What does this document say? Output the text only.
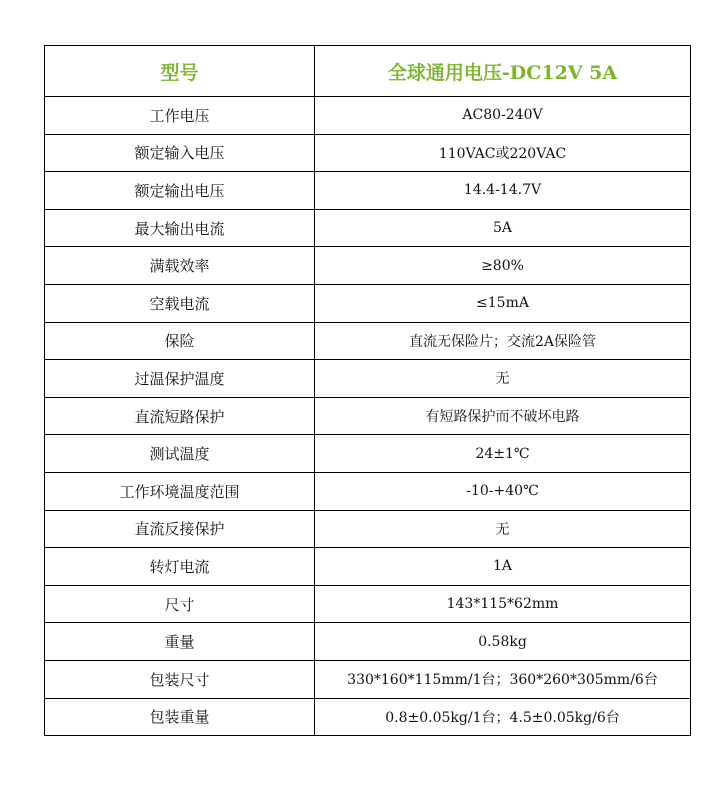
型号	全球通用电压-DC12V 5A
工作电压	AC80-240V
额定输入电压	110VAC或220VAC
额定输出电压	14.4-14.7V
最大输出电流	5A
满载效率	≥80%
空载电流	≤15mA
保险	直流无保险片；交流2A保险管
过温保护温度	无
直流短路保护	有短路保护而不破坏电路
测试温度	24±1℃
工作环境温度范围	-10-+40℃
直流反接保护	无
转灯电流	1A
尺寸	143*115*62mm
重量	0.58kg
包装尺寸	330*160*115mm/1台；360*260*305mm/6台
包装重量	0.8±0.05kg/1台；4.5±0.05kg/6台
